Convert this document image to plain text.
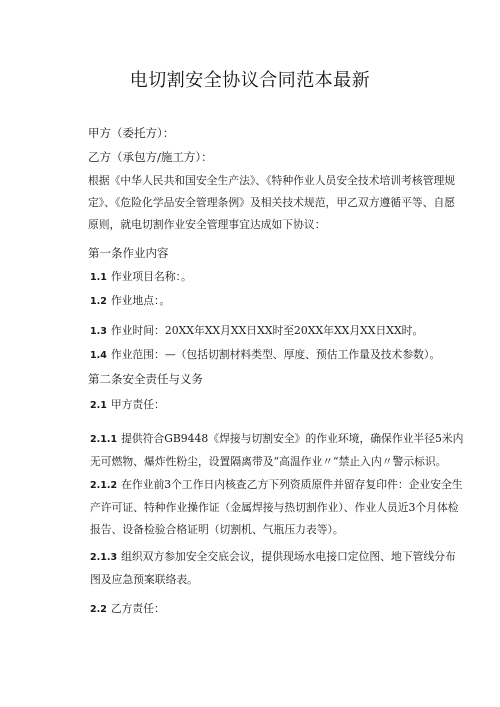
电切割安全协议合同范本最新
甲方（委托方）：
乙方（承包方/施工方）：
根据《中华人民共和国安全生产法》、《特种作业人员安全技术培训考核管理规定》、《危险化学品安全管理条例》及相关技术规范，甲乙双方遵循平等、自愿原则，就电切割作业安全管理事宜达成如下协议：
第一条作业内容
1.1 作业项目名称：。
1.2 作业地点：。
1.3 作业时间：20XX年XX月XX日XX时至20XX年XX月XX日XX时。
1.4 作业范围：—（包括切割材料类型、厚度、预估工作量及技术参数）。
第二条安全责任与义务
2.1 甲方责任：
2.1.1 提供符合GB9448《焊接与切割安全》的作业环境，确保作业半径5米内无可燃物、爆炸性粉尘，设置隔离带及“高温作业〃“禁止入内〃警示标识。
2.1.2 在作业前3个工作日内核查乙方下列资质原件并留存复印件：企业安全生产许可证、特种作业操作证（金属焊接与热切割作业）、作业人员近3个月体检报告、设备检验合格证明（切割机、气瓶压力表等）。
2.1.3 组织双方参加安全交底会议，提供现场水电接口定位图、地下管线分布图及应急预案联络表。
2.2 乙方责任：
